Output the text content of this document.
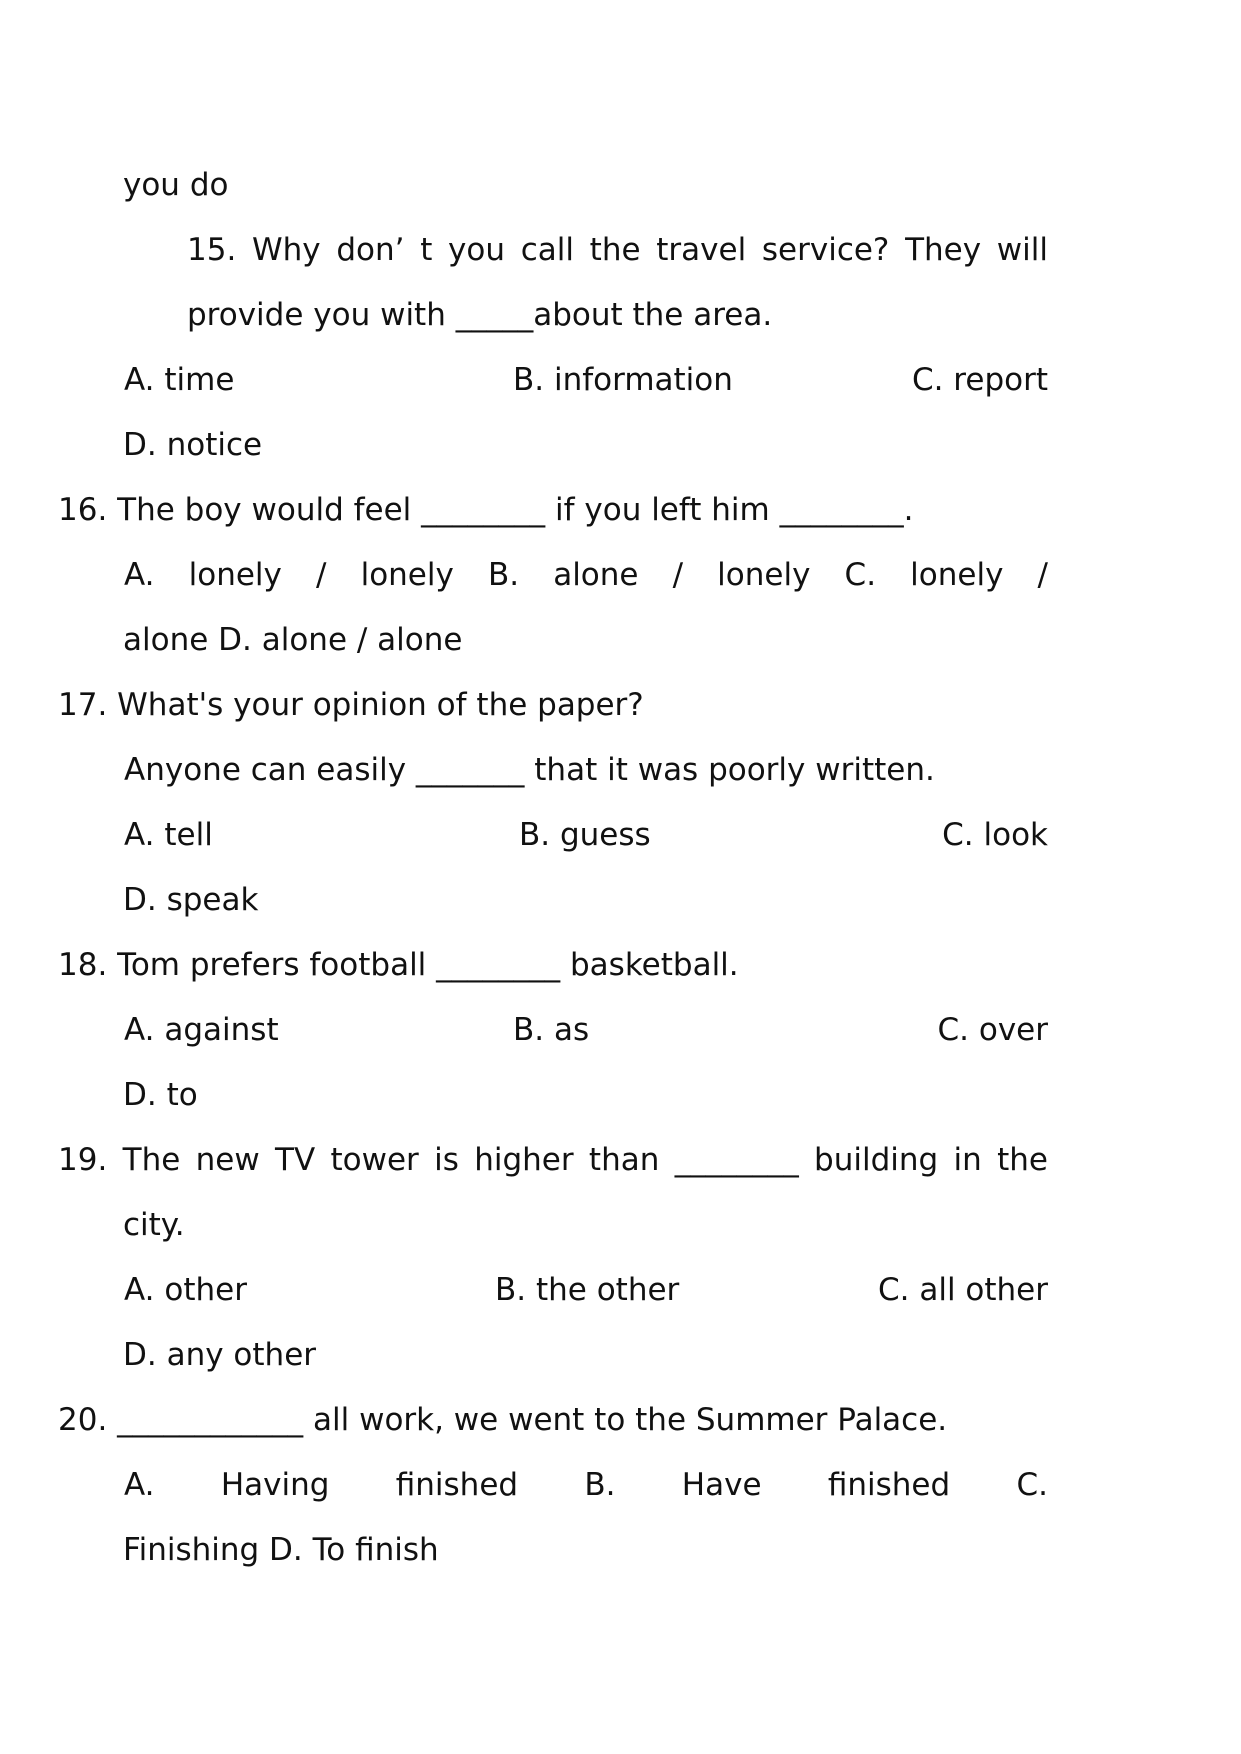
you do
15. Why don’ t you call the travel service? They will
provide you with _____about the area.
A. time	B. information	C. report
D. notice
16. The boy would feel ________ if you left him ________.
A. lonely / lonely B. alone / lonely C. lonely /
alone D. alone / alone
17. What's your opinion of the paper?
Anyone can easily _______ that it was poorly written.
A. tell	B. guess	C. look
D. speak
18. Tom prefers football ________ basketball.
A. against	B. as	C. over
D. to
19. The new TV tower is higher than ________ building in the
city.
A. other	B. the other	C. all other
D. any other
20. ____________ all work, we went to the Summer Palace.
A. Having finished B. Have finished C.
Finishing D. To finish
